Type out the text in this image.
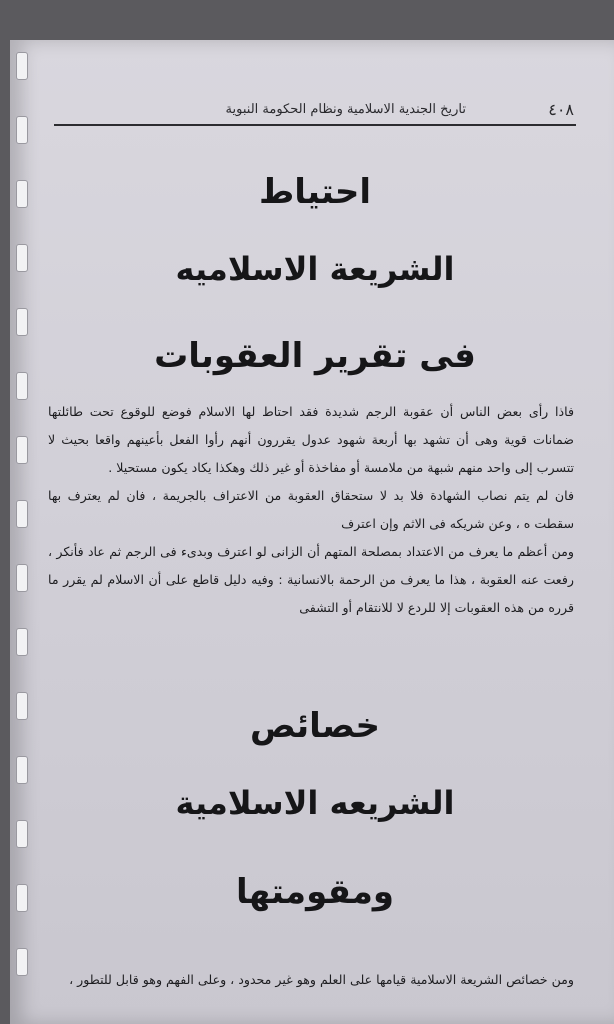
٤٠٨
تاريخ الجندية الاسلامية ونظام الحكومة النبوية
احتياط
الشريعة الاسلاميه
فى تقرير العقوبات

فاذا رأى بعض الناس أن عقوبة الرجم شديدة فقد احتاط لها الاسلام فوضع للوقوع تحت طائلتها ضمانات قوية وهى أن تشهد بها أربعة شهود عدول يقررون أنهم رأوا الفعل بأعينهم واقعا بحيث لا تتسرب إلى واحد منهم شبهة من ملامسة أو مفاخذة أو غير ذلك وهكذا يكاد يكون مستحيلا .

فان لم يتم نصاب الشهادة فلا بد لا ستحقاق العقوبة من الاعتراف بالجريمة ، فان لم يعترف بها سقطت ه ، وعن شريكه فى الاثم وإن اعترف

ومن أعظم ما يعرف من الاعتداد بمصلحة المتهم أن الزانى لو اعترف وبدىء فى الرجم ثم عاد فأنكر ، رفعت عنه العقوبة ، هذا ما يعرف من الرحمة بالانسانية : وفيه دليل قاطع على أن الاسلام لم يقرر ما قرره من هذه العقوبات إلا للردع لا للانتقام أو التشفى

خصائص
الشريعه الاسلامية
ومقومتها

ومن خصائص الشريعة الاسلامية قيامها على العلم وهو غير محدود ، وعلى الفهم وهو قابل للتطور ،
